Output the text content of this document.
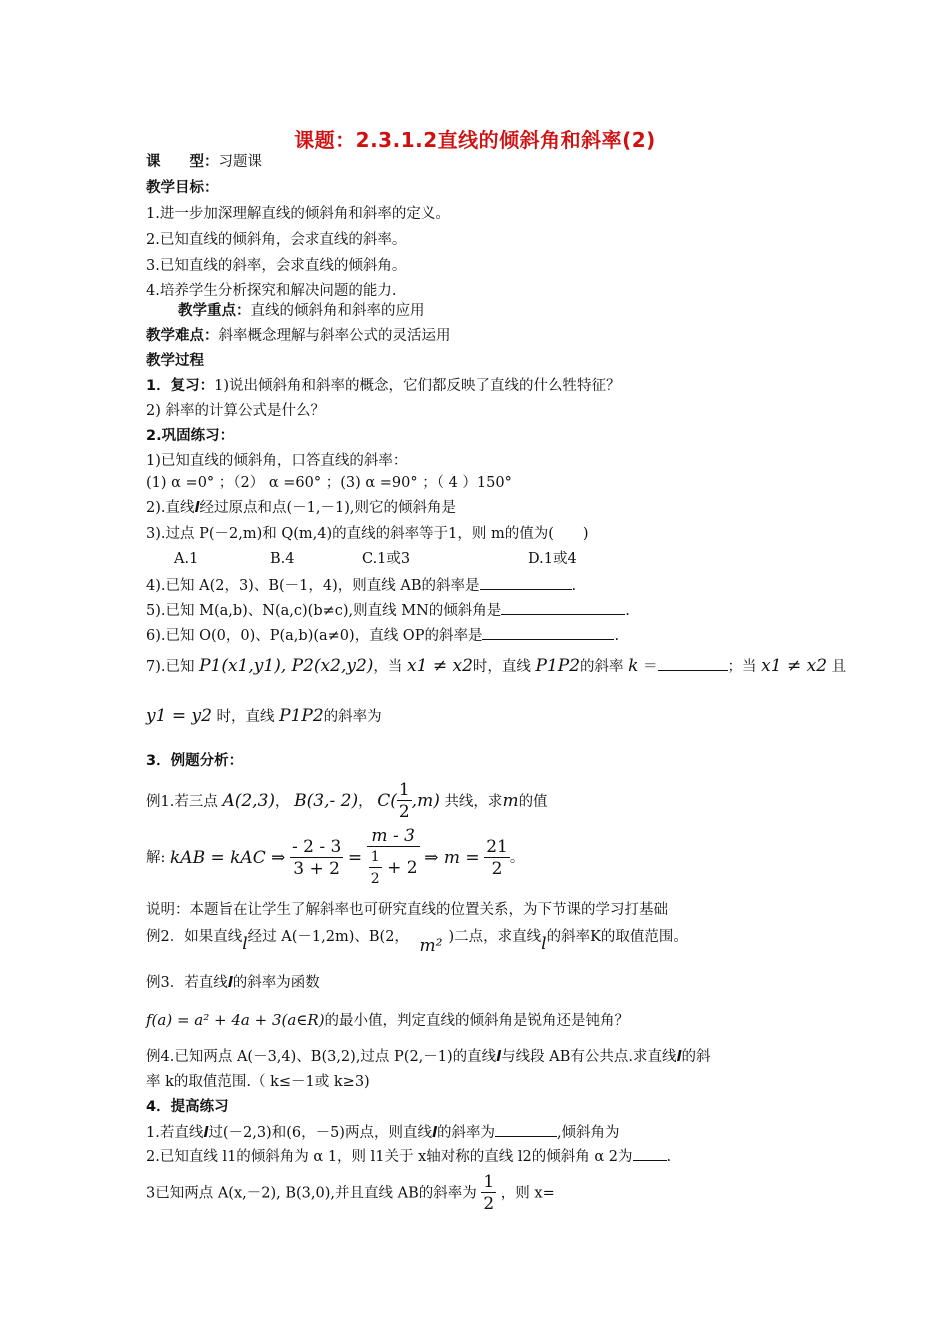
课题：2.3.1.2直线的倾斜角和斜率(2)
课　　型：习题课
教学目标：
1.进一步加深理解直线的倾斜角和斜率的定义。
2.已知直线的倾斜角，会求直线的斜率。
3.已知直线的斜率，会求直线的倾斜角。
4.培养学生分析探究和解决问题的能力.
教学重点：直线的倾斜角和斜率的应用
教学难点：斜率概念理解与斜率公式的灵活运用
教学过程
1．复习：1)说出倾斜角和斜率的概念，它们都反映了直线的什么牲特征？
2) 斜率的计算公式是什么？
2.巩固练习：
1)已知直线的倾斜角，口答直线的斜率：
(1) α =0° ；（2） α =60° ；(3) α =90° ；（ 4 ）150°
2).直线l经过原点和点(－1,－1),则它的倾斜角是
3).过点 P(－2,m)和 Q(m,4)的直线的斜率等于1，则 m的值为(　　)
A.1	B.4	C.1或3	D.1或4
4).已知 A(2，3)、B(－1，4)，则直线 AB的斜率是	.
5).已知 M(a,b)、N(a,c)(b≠c),则直线 MN的倾斜角是	.
6).已知 O(0，0)、P(a,b)(a≠0)，直线 OP的斜率是	.
7).已知 P1(x1,y1), P2(x2,y2)，当 x1 ≠ x2时，直线 P1P2的斜率 k ＝	；当 x1 ≠ x2 且
y1 = y2 时，直线 P1P2的斜率为
3．例题分析：
例1.若三点 A(2,3)， B(3,- 2)， $C( \frac{1}{2} ,m)$ 共线，求m的值
解: kAB = kAC ⇒ $\frac{- 2 - 3}{3 + 2} = \frac{m - 3}{\frac{1}{2} + 2}$ ⇒ $m = \frac{21}{2}$ 。
说明：本题旨在让学生了解斜率也可研究直线的位置关系，为下节课的学习打基础
例2．如果直线l经过 A(－1,2m)、B(2， m² )二点，求直线l的斜率K的取值范围。
例3．若直线l的斜率为函数
f(a) = a² + 4a + 3(a∈R)的最小值，判定直线的倾斜角是锐角还是钝角？
例4.已知两点 A(－3,4)、B(3,2),过点 P(2,－1)的直线l与线段 AB有公共点.求直线l的斜
率 k的取值范围.（ k≤－1或 k≥3)
4．提高练习
1.若直线l过(－2,3)和(6，－5)两点，则直线l的斜率为	,倾斜角为
2.已知直线 l1的倾斜角为 α 1，则 l1关于 x轴对称的直线 l2的倾斜角 α 2为 .
3已知两点 A(x,－2), B(3,0),并且直线 AB的斜率为 $\frac{1}{2}$ ，则 x=
